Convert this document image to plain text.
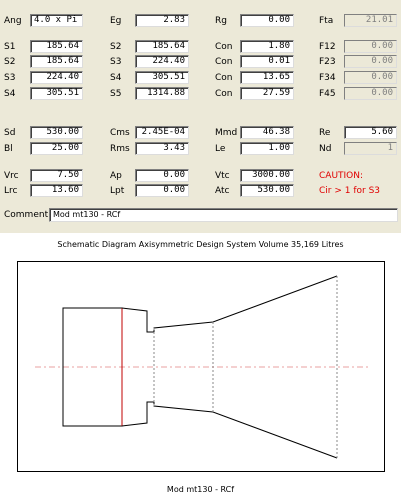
Ang	4.0 x Pi	Eg	2.83	Rg	0.00	Fta	21.01
S1	185.64	S2	185.64	Con	1.80	F12	0.00
S2	185.64	S3	224.40	Con	0.01	F23	0.00
S3	224.40	S4	305.51	Con	13.65	F34	0.00
S4	305.51	S5	1314.88	Con	27.59	F45	0.00
Sd	530.00	Cms	2.45E-04	Mmd	46.38	Re	5.60
Bl	25.00	Rms	3.43	Le	1.00	Nd	1
Vrc	7.50	Ap	0.00	Vtc	3000.00	CAUTION:
Lrc	13.60	Lpt	0.00	Atc	530.00	Cir > 1 for S3
Comment Mod mt130 - RCf
Schematic Diagram Axisymmetric Design System Volume 35,169 Litres
Mod mt130 - RCf
